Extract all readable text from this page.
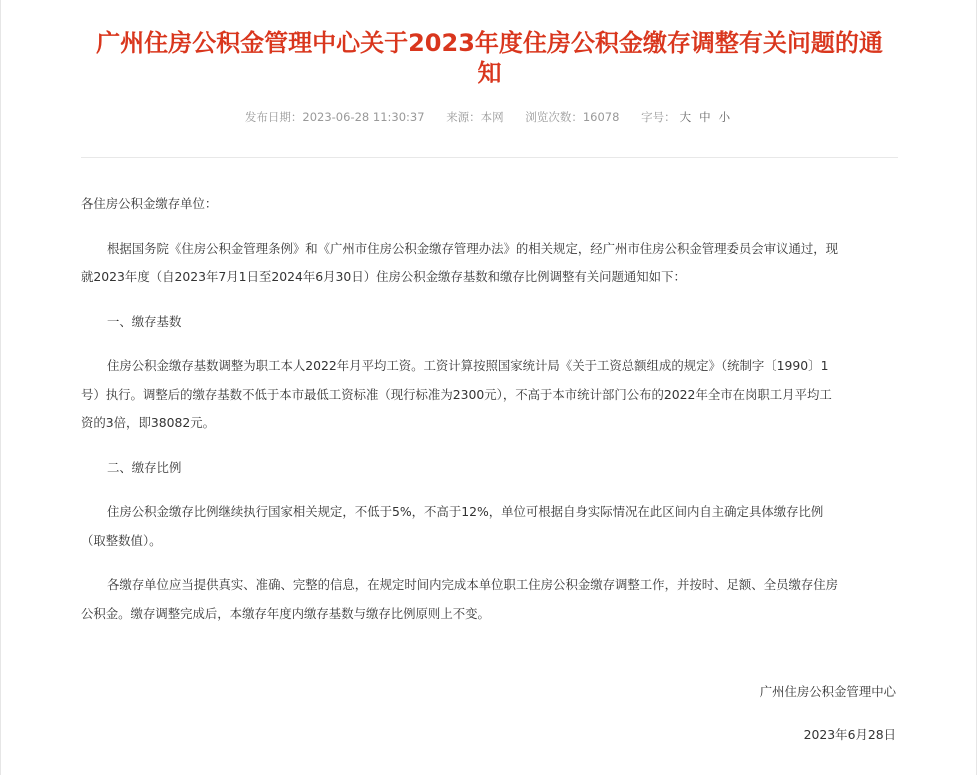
广州住房公积金管理中心关于2023年度住房公积金缴存调整有关问题的通
知
发布日期：2023-06-28 11:30:37 来源：本网 浏览次数：16078 字号： 大 中 小
各住房公积金缴存单位：
根据国务院《住房公积金管理条例》和《广州市住房公积金缴存管理办法》的相关规定，经广州市住房公积金管理委员会审议通过，现
就2023年度（自2023年7月1日至2024年6月30日）住房公积金缴存基数和缴存比例调整有关问题通知如下：
一、缴存基数
住房公积金缴存基数调整为职工本人2022年月平均工资。工资计算按照国家统计局《关于工资总额组成的规定》（统制字〔1990〕1
号）执行。调整后的缴存基数不低于本市最低工资标准（现行标准为2300元），不高于本市统计部门公布的2022年全市在岗职工月平均工
资的3倍，即38082元。
二、缴存比例
住房公积金缴存比例继续执行国家相关规定，不低于5%，不高于12%，单位可根据自身实际情况在此区间内自主确定具体缴存比例
（取整数值）。
各缴存单位应当提供真实、准确、完整的信息，在规定时间内完成本单位职工住房公积金缴存调整工作，并按时、足额、全员缴存住房
公积金。缴存调整完成后，本缴存年度内缴存基数与缴存比例原则上不变。
广州住房公积金管理中心
2023年6月28日
